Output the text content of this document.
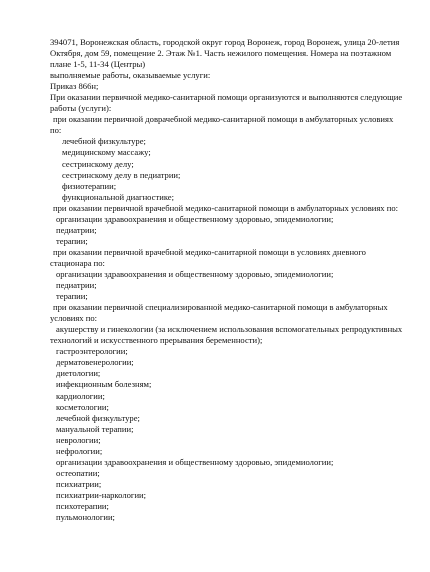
394071, Воронежская область, городской округ город Воронеж, город Воронеж, улица 20-летия
Октября, дом 59, помещение 2. Этаж №1. Часть нежилого помещения. Номера на поэтажном
плане 1-5, 11-34 (Центры)
выполняемые работы, оказываемые услуги:
Приказ 866н;
При оказании первичной медико-санитарной помощи организуются и выполняются следующие
работы (услуги):
при оказании первичной доврачебной медико-санитарной помощи в амбулаторных условиях
по:
лечебной физкультуре;
медицинскому массажу;
сестринскому делу;
сестринскому делу в педиатрии;
физиотерапии;
функциональной диагностике;
при оказании первичной врачебной медико-санитарной помощи в амбулаторных условиях по:
организации здравоохранения и общественному здоровью, эпидемиологии;
педиатрии;
терапии;
при оказании первичной врачебной медико-санитарной помощи в условиях дневного
стационара по:
организации здравоохранения и общественному здоровью, эпидемиологии;
педиатрии;
терапии;
при оказании первичной специализированной медико-санитарной помощи в амбулаторных
условиях по:
акушерству и гинекологии (за исключением использования вспомогательных репродуктивных
технологий и искусственного прерывания беременности);
гастроэнтерологии;
дерматовенерологии;
диетологии;
инфекционным болезням;
кардиологии;
косметологии;
лечебной физкультуре;
мануальной терапии;
неврологии;
нефрологии;
организации здравоохранения и общественному здоровью, эпидемиологии;
остеопатии;
психиатрии;
психиатрии-наркологии;
психотерапии;
пульмонологии;
